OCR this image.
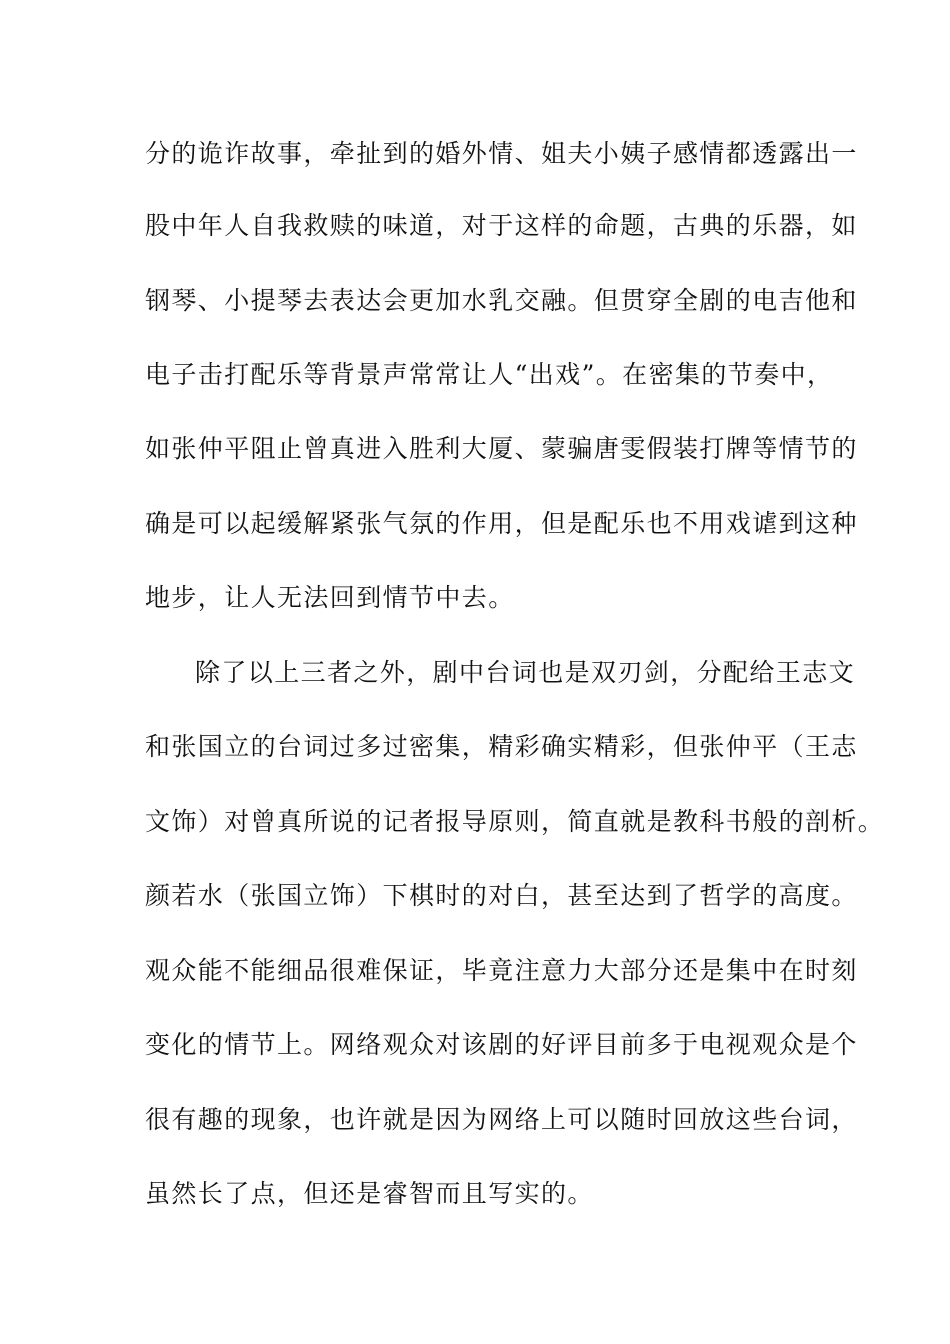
分的诡诈故事，牵扯到的婚外情、姐夫小姨子感情都透露出一
股中年人自我救赎的味道，对于这样的命题，古典的乐器，如
钢琴、小提琴去表达会更加水乳交融。但贯穿全剧的电吉他和
电子击打配乐等背景声常常让人“出戏”。在密集的节奏中，
如张仲平阻止曾真进入胜利大厦、蒙骗唐雯假装打牌等情节的
确是可以起缓解紧张气氛的作用，但是配乐也不用戏谑到这种
地步，让人无法回到情节中去。
除了以上三者之外，剧中台词也是双刃剑，分配给王志文
和张国立的台词过多过密集，精彩确实精彩，但张仲平（王志
文饰）对曾真所说的记者报导原则，简直就是教科书般的剖析。
颜若水（张国立饰）下棋时的对白，甚至达到了哲学的高度。
观众能不能细品很难保证，毕竟注意力大部分还是集中在时刻
变化的情节上。网络观众对该剧的好评目前多于电视观众是个
很有趣的现象，也许就是因为网络上可以随时回放这些台词，
虽然长了点，但还是睿智而且写实的。
